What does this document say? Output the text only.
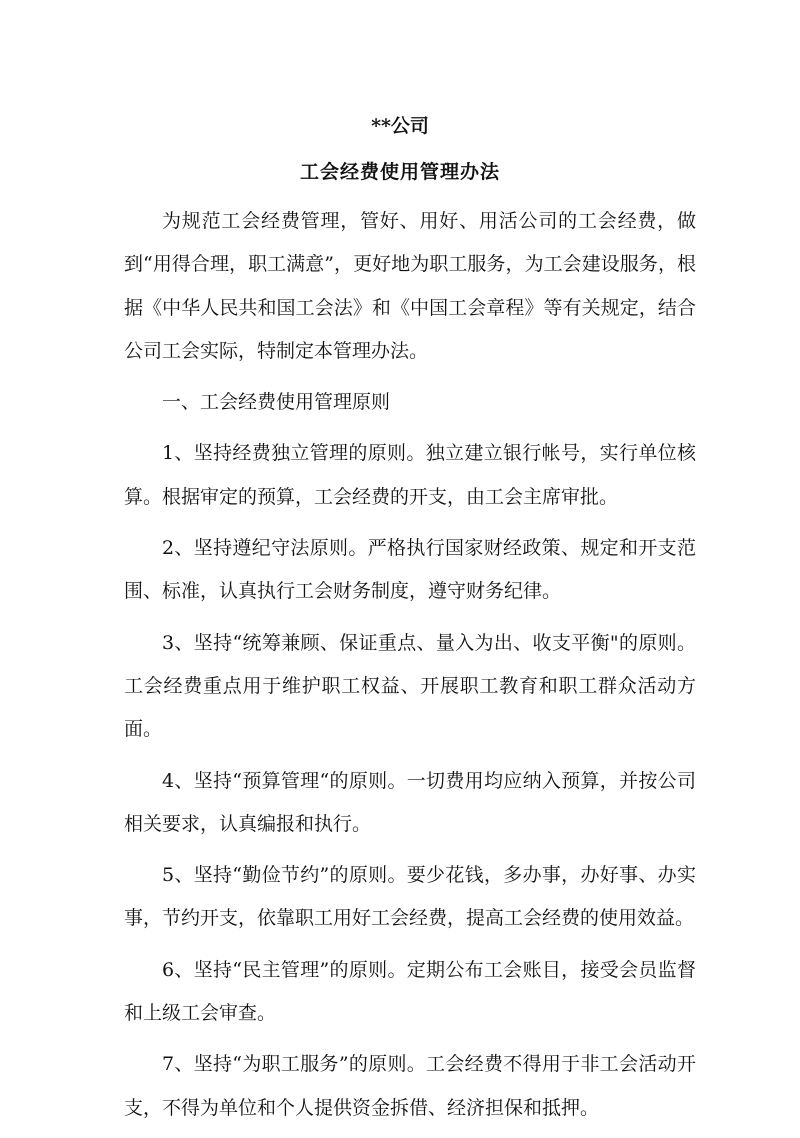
**公司
工会经费使用管理办法

为规范工会经费管理，管好、用好、用活公司的工会经费，做到“用得合理，职工满意”，更好地为职工服务，为工会建设服务，根据《中华人民共和国工会法》和《中国工会章程》等有关规定，结合公司工会实际，特制定本管理办法。

一、工会经费使用管理原则

1、坚持经费独立管理的原则。独立建立银行帐号，实行单位核算。根据审定的预算，工会经费的开支，由工会主席审批。

2、坚持遵纪守法原则。严格执行国家财经政策、规定和开支范围、标准，认真执行工会财务制度，遵守财务纪律。

3、坚持“统筹兼顾、保证重点、量入为出、收支平衡"的原则。工会经费重点用于维护职工权益、开展职工教育和职工群众活动方面。

4、坚持“预算管理“的原则。一切费用均应纳入预算，并按公司相关要求，认真编报和执行。

5、坚持“勤俭节约”的原则。要少花钱，多办事，办好事、办实事，节约开支，依靠职工用好工会经费，提高工会经费的使用效益。

6、坚持“民主管理”的原则。定期公布工会账目，接受会员监督和上级工会审查。

7、坚持“为职工服务”的原则。工会经费不得用于非工会活动开支，不得为单位和个人提供资金拆借、经济担保和抵押。
